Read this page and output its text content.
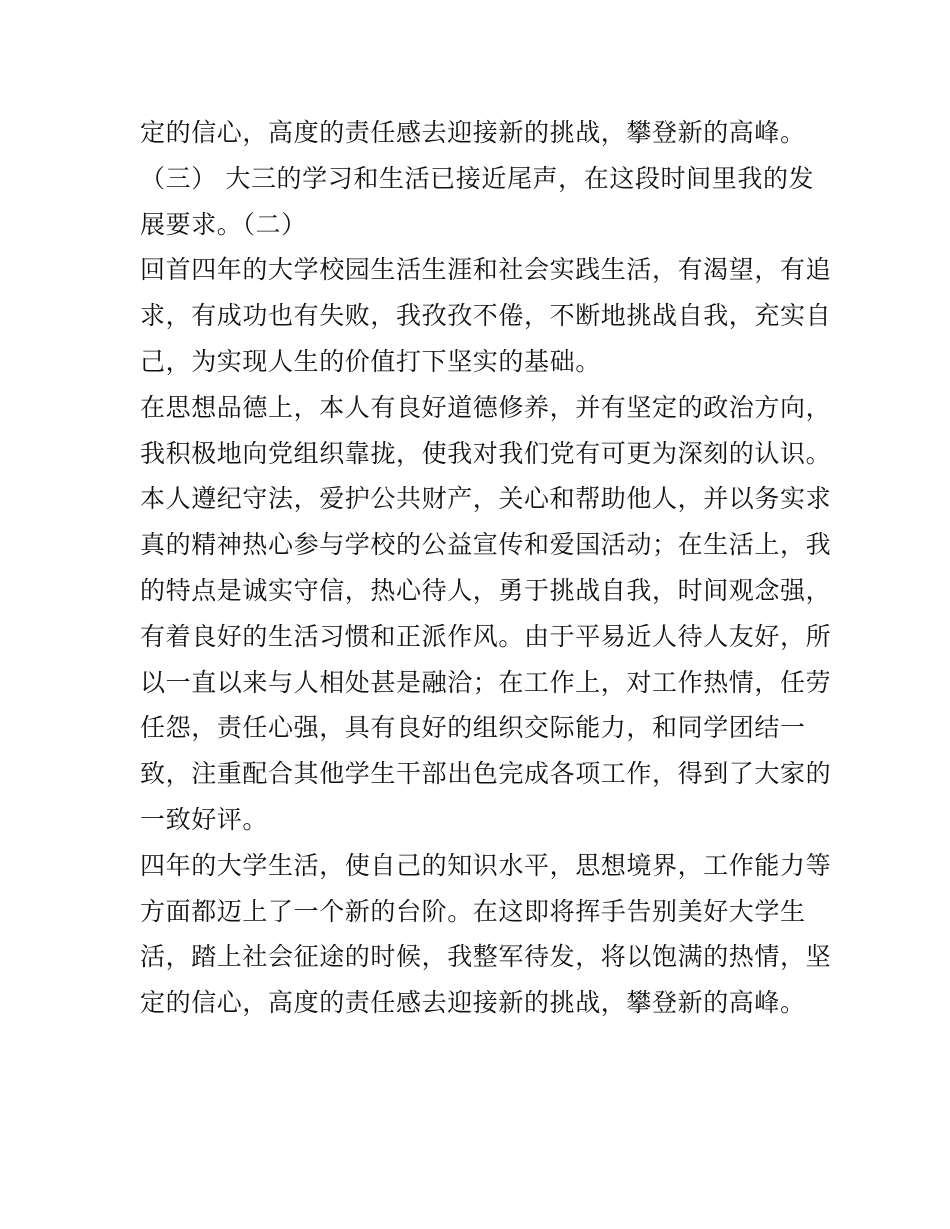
定的信心，高度的责任感去迎接新的挑战，攀登新的高峰。
（三） 大三的学习和生活已接近尾声，在这段时间里我的发
展要求。（二）
回首四年的大学校园生活生涯和社会实践生活，有渴望，有追
求，有成功也有失败，我孜孜不倦，不断地挑战自我，充实自
己，为实现人生的价值打下坚实的基础。
在思想品德上，本人有良好道德修养，并有坚定的政治方向，
我积极地向党组织靠拢，使我对我们党有可更为深刻的认识。
本人遵纪守法，爱护公共财产，关心和帮助他人，并以务实求
真的精神热心参与学校的公益宣传和爱国活动；在生活上，我
的特点是诚实守信，热心待人，勇于挑战自我，时间观念强，
有着良好的生活习惯和正派作风。由于平易近人待人友好，所
以一直以来与人相处甚是融洽；在工作上，对工作热情，任劳
任怨，责任心强，具有良好的组织交际能力，和同学团结一
致，注重配合其他学生干部出色完成各项工作，得到了大家的
一致好评。
四年的大学生活，使自己的知识水平，思想境界，工作能力等
方面都迈上了一个新的台阶。在这即将挥手告别美好大学生
活，踏上社会征途的时候，我整军待发，将以饱满的热情，坚
定的信心，高度的责任感去迎接新的挑战，攀登新的高峰。
